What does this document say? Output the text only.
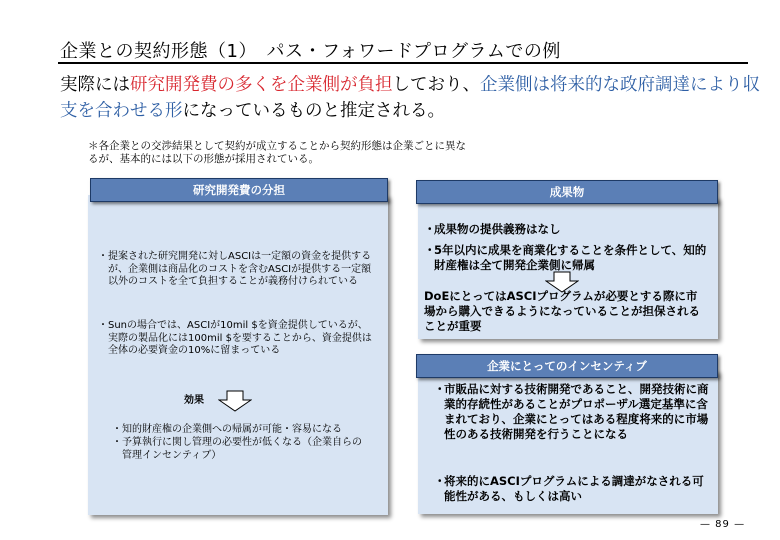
企業との契約形態（1）　パス・フォワードプログラムでの例
実際には研究開発費の多くを企業側が負担しており、企業側は将来的な政府調達により収支を合わせる形になっているものと推定される。
＊各企業との交渉結果として契約が成立することから契約形態は企業ごとに異なるが、基本的には以下の形態が採用されている。
研究開発費の分担
・ 提案された研究開発に対しASCIは一定額の資金を提供するが、企業側は商品化のコストを含むASCIが提供する一定額以外のコストを全て負担することが義務付けられている
・ Sunの場合では、ASCIが10mil $を資金提供しているが、実際の製品化には100mil $を要することから、資金提供は全体の必要資金の10%に留まっている
効果
・ 知的財産権の企業側への帰属が可能・容易になる
・ 予算執行に関し管理の必要性が低くなる（企業自らの管理インセンティブ）
成果物
・
成果物の提供義務はなし
・
5年以内に成果を商業化することを条件として、知的財産権は全て開発企業側に帰属
DoEにとってはASCIプログラムが必要とする際に市場から購入できるようになっていることが担保されることが重要
企業にとってのインセンティブ
・
市販品に対する技術開発であること、開発技術に商業的存続性があることがプロポーザル選定基準に含まれており、企業にとってはある程度将来的に市場性のある技術開発を行うことになる
・
将来的にASCIプログラムによる調達がなされる可能性がある、もしくは高い
— 89 —
